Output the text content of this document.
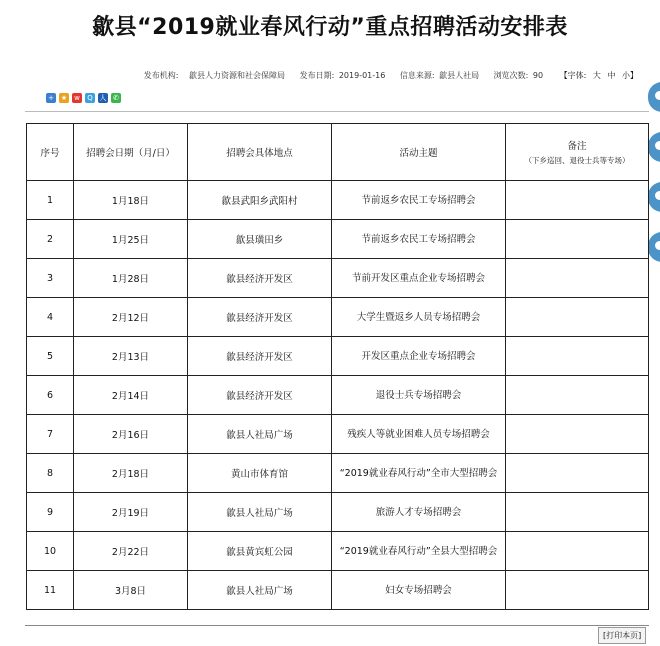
歙县“2019就业春风行动”重点招聘活动安排表
发布机构: 歙县人力资源和社会保障局 发布日期: 2019-01-16 信息来源: 歙县人社局 浏览次数: 90 【字体: 大 中 小】
+ ★ w	Q 人 ✆
序号	招聘会日期（月/日）	招聘会具体地点	活动主题	备注
（下乡巡回、退役士兵等专场）

1	1月18日	歙县武阳乡武阳村	节前返乡农民工专场招聘会	
2	1月25日	歙县璜田乡	节前返乡农民工专场招聘会	
3	1月28日	歙县经济开发区	节前开发区重点企业专场招聘会	
4	2月12日	歙县经济开发区	大学生暨返乡人员专场招聘会	
5	2月13日	歙县经济开发区	开发区重点企业专场招聘会	
6	2月14日	歙县经济开发区	退役士兵专场招聘会	
7	2月16日	歙县人社局广场	残疾人等就业困难人员专场招聘会	
8	2月18日	黄山市体育馆	“2019就业春风行动”全市大型招聘会	
9	2月19日	歙县人社局广场	旅游人才专场招聘会	
10	2月22日	歙县黄宾虹公园	“2019就业春风行动”全县大型招聘会	
11	3月8日	歙县人社局广场	妇女专场招聘会	
[打印本页]
